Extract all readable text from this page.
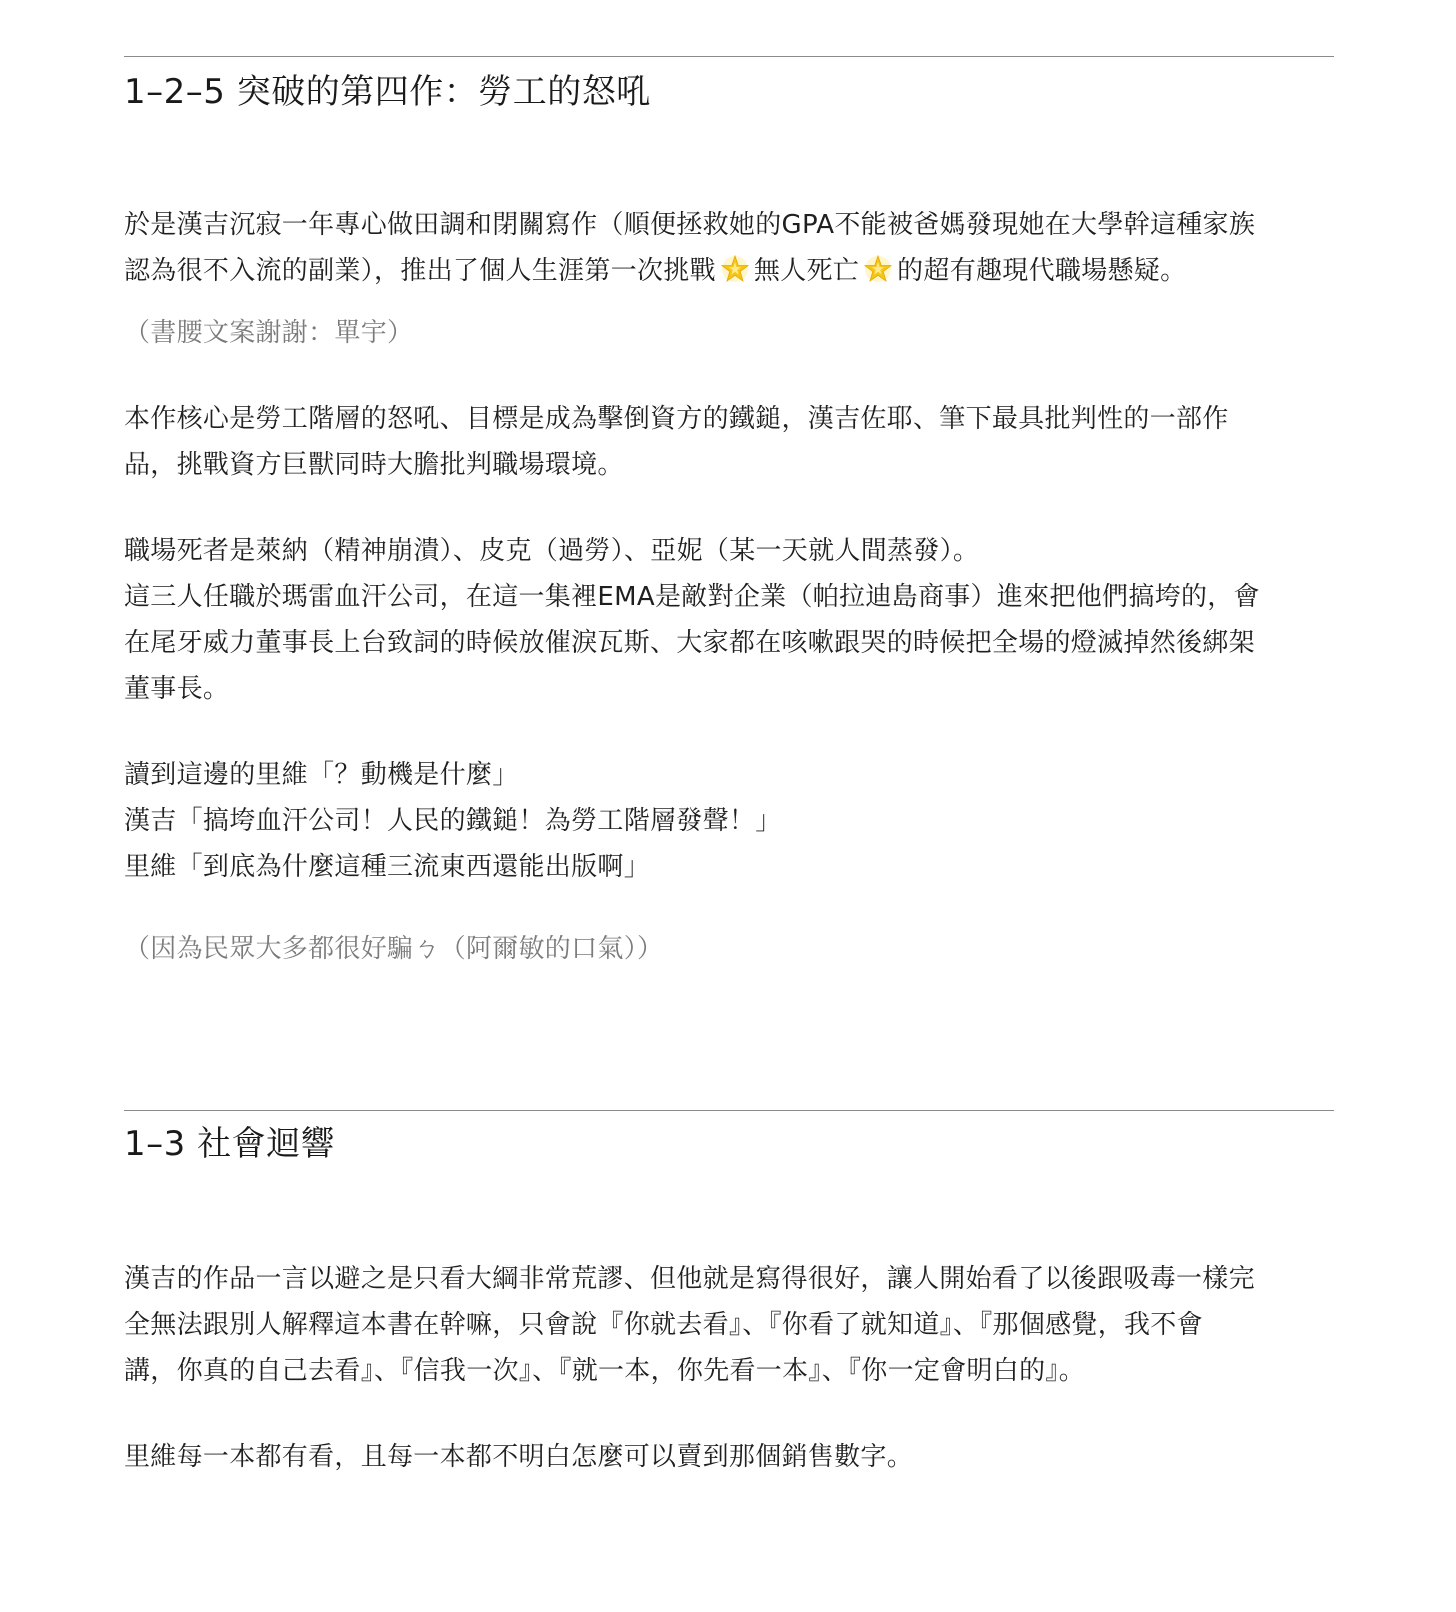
1–2–5 突破的第四作：勞工的怒吼

於是漢吉沉寂一年專心做田調和閉關寫作（順便拯救她的GPA不能被爸媽發現她在大學幹這種家族
認為很不入流的副業），推出了個人生涯第一次挑戰 無人死亡 的超有趣現代職場懸疑。

（書腰文案謝謝：單宇）

本作核心是勞工階層的怒吼、目標是成為擊倒資方的鐵鎚，漢吉佐耶、筆下最具批判性的一部作
品，挑戰資方巨獸同時大膽批判職場環境。

職場死者是萊納（精神崩潰）、皮克（過勞）、亞妮（某一天就人間蒸發）。
這三人任職於瑪雷血汗公司，在這一集裡EMA是敵對企業（帕拉迪島商事）進來把他們搞垮的，會
在尾牙威力董事長上台致詞的時候放催淚瓦斯、大家都在咳嗽跟哭的時候把全場的燈滅掉然後綁架
董事長。

讀到這邊的里維「？動機是什麼」
漢吉「搞垮血汗公司！人民的鐵鎚！為勞工階層發聲！」
里維「到底為什麼這種三流東西還能出版啊」

（因為民眾大多都很好騙ㄅ（阿爾敏的口氣））

1–3 社會迴響

漢吉的作品一言以避之是只看大綱非常荒謬、但他就是寫得很好，讓人開始看了以後跟吸毒一樣完
全無法跟別人解釋這本書在幹嘛，只會說『你就去看』、『你看了就知道』、『那個感覺，我不會
講，你真的自己去看』、『信我一次』、『就一本，你先看一本』、『你一定會明白的』。

里維每一本都有看，且每一本都不明白怎麼可以賣到那個銷售數字。
